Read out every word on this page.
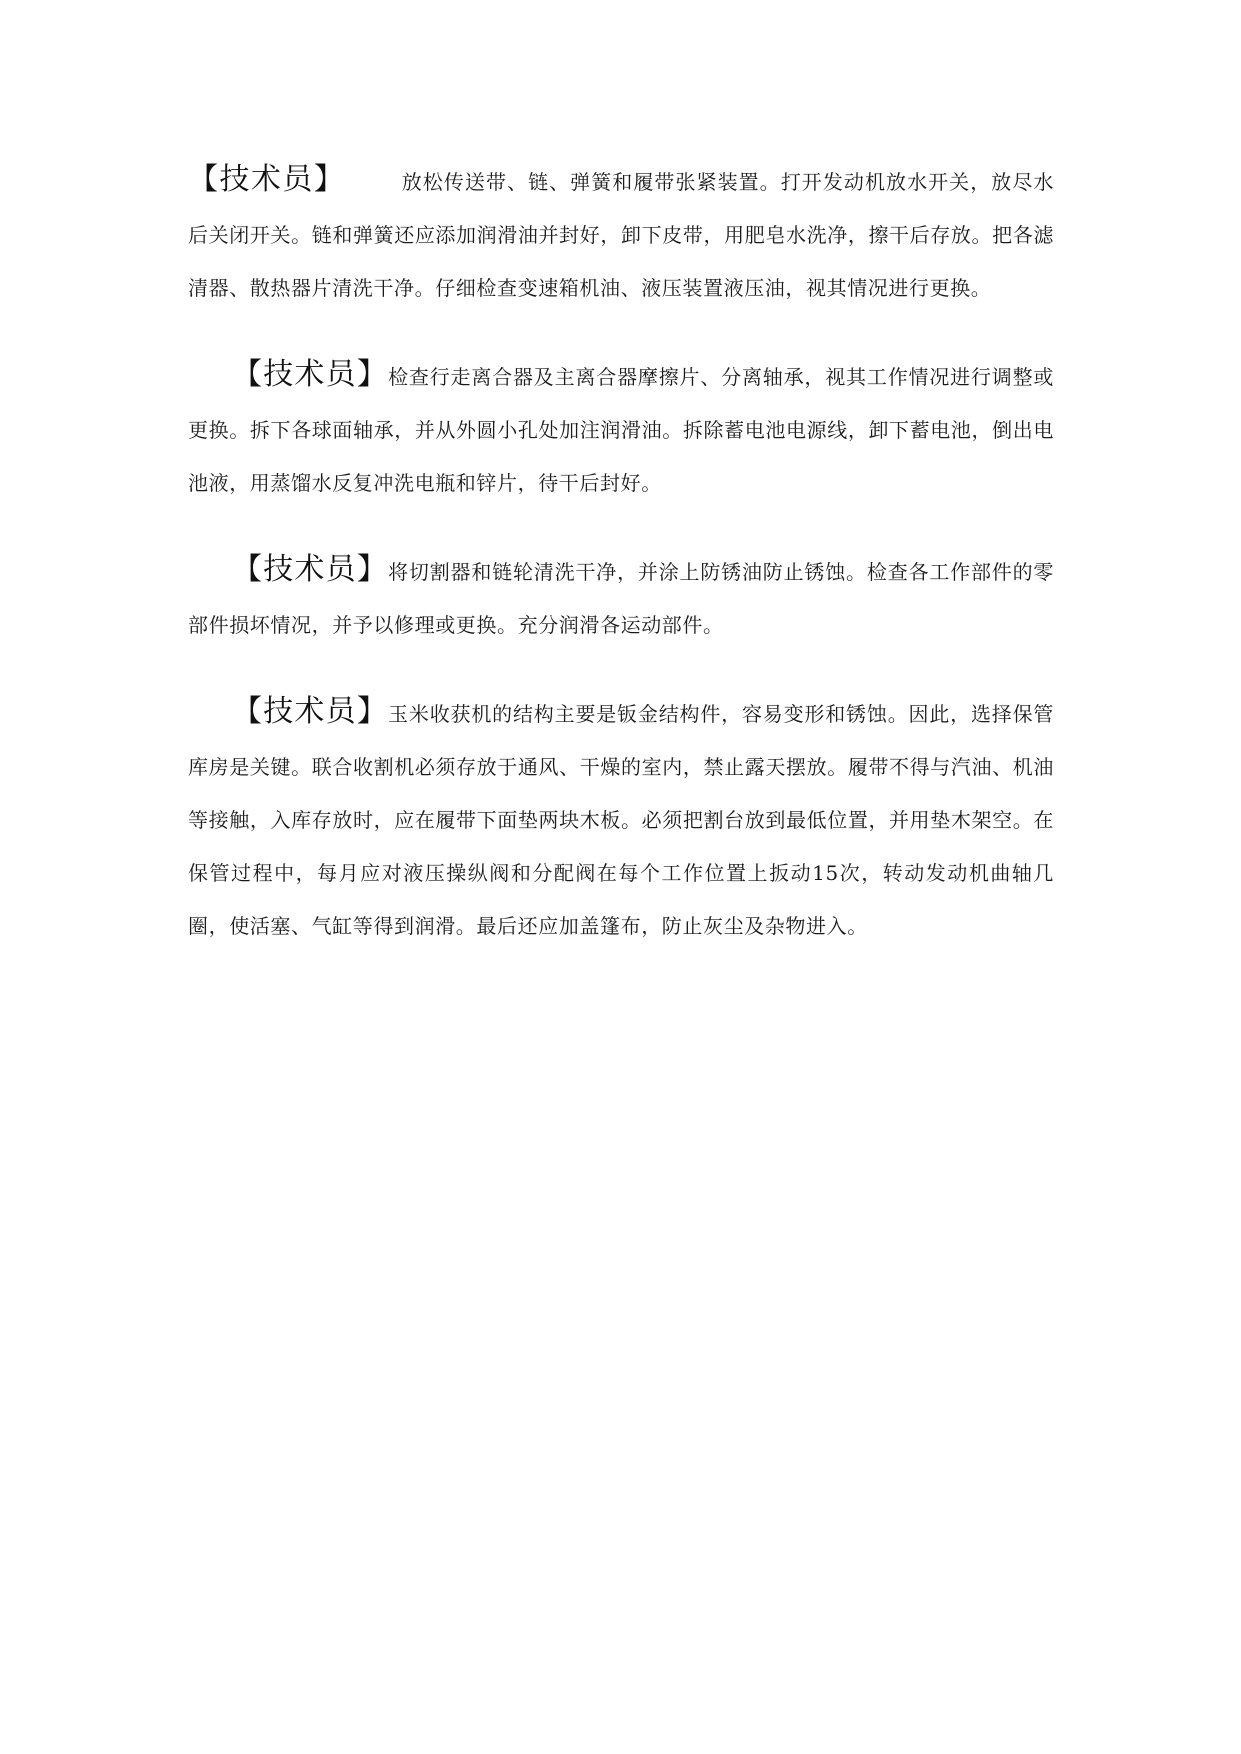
【技术员】	放松传送带、链、弹簧和履带张紧装置。打开发动机放水开关，放尽水后关闭开关。链和弹簧还应添加润滑油并封好，卸下皮带，用肥皂水洗净，擦干后存放。把各滤清器、散热器片清洗干净。仔细检查变速箱机油、液压装置液压油，视其情况进行更换。

【技术员】检查行走离合器及主离合器摩擦片、分离轴承，视其工作情况进行调整或更换。拆下各球面轴承，并从外圆小孔处加注润滑油。拆除蓄电池电源线，卸下蓄电池，倒出电池液，用蒸馏水反复冲洗电瓶和锌片，待干后封好。

【技术员】将切割器和链轮清洗干净，并涂上防锈油防止锈蚀。检查各工作部件的零部件损坏情况，并予以修理或更换。充分润滑各运动部件。

【技术员】玉米收获机的结构主要是钣金结构件，容易变形和锈蚀。因此，选择保管库房是关键。联合收割机必须存放于通风、干燥的室内，禁止露天摆放。履带不得与汽油、机油等接触，入库存放时，应在履带下面垫两块木板。必须把割台放到最低位置，并用垫木架空。在保管过程中，每月应对液压操纵阀和分配阀在每个工作位置上扳动15次，转动发动机曲轴几圈，使活塞、气缸等得到润滑。最后还应加盖篷布，防止灰尘及杂物进入。
